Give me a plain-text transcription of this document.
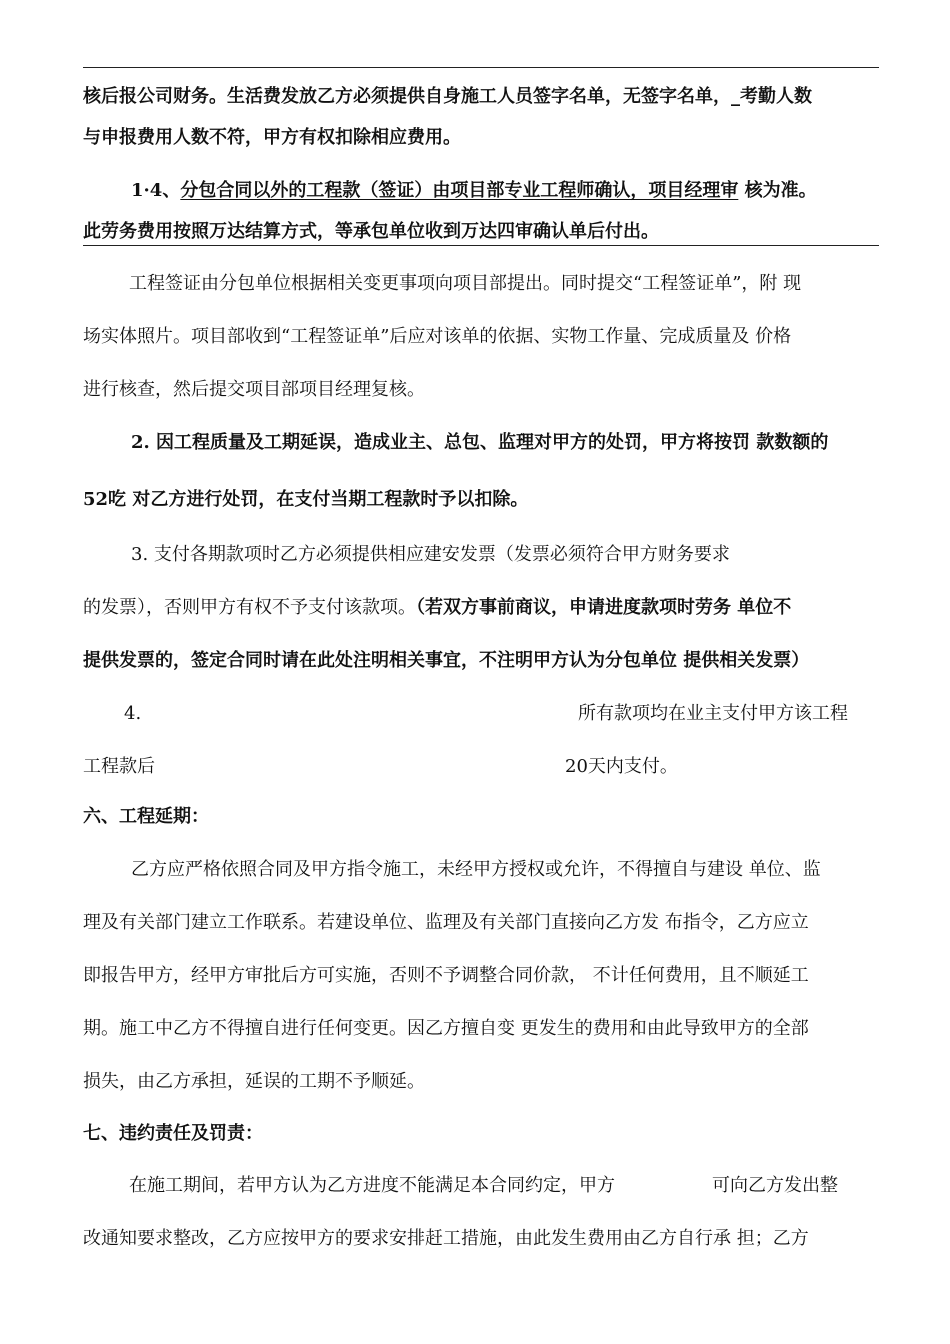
核后报公司财务。生活费发放乙方必须提供自身施工人员签字名单，无签字名单，_考勤人数
与申报费用人数不符，甲方有权扣除相应费用。
1·4、分包合同以外的工程款（签证）由项目部专业工程师确认，项目经理审 核为准。
此劳务费用按照万达结算方式，等承包单位收到万达四审确认单后付出。
工程签证由分包单位根据相关变更事项向项目部提出。同时提交“工程签证单”，附 现
场实体照片。项目部收到“工程签证单”后应对该单的依据、实物工作量、完成质量及 价格
进行核查，然后提交项目部项目经理复核。
2. 因工程质量及工期延误，造成业主、总包、监理对甲方的处罚，甲方将按罚 款数额的
52吃 对乙方进行处罚，在支付当期工程款时予以扣除。
3. 支付各期款项时乙方必须提供相应建安发票（发票必须符合甲方财务要求
的发票），否则甲方有权不予支付该款项。（若双方事前商议，申请进度款项时劳务 单位不
提供发票的，签定合同时请在此处注明相关事宜，不注明甲方认为分包单位 提供相关发票）
4.	所有款项均在业主支付甲方该工程
工程款后	20天内支付。
六、工程延期：
乙方应严格依照合同及甲方指令施工，未经甲方授权或允许，不得擅自与建设 单位、监
理及有关部门建立工作联系。若建设单位、监理及有关部门直接向乙方发 布指令，乙方应立
即报告甲方，经甲方审批后方可实施，否则不予调整合同价款， 不计任何费用，且不顺延工
期。施工中乙方不得擅自进行任何变更。因乙方擅自变 更发生的费用和由此导致甲方的全部
损失，由乙方承担，延误的工期不予顺延。
七、违约责任及罚责：
在施工期间，若甲方认为乙方进度不能满足本合同约定，甲方	可向乙方发出整
改通知要求整改，乙方应按甲方的要求安排赶工措施，由此发生费用由乙方自行承 担；乙方
